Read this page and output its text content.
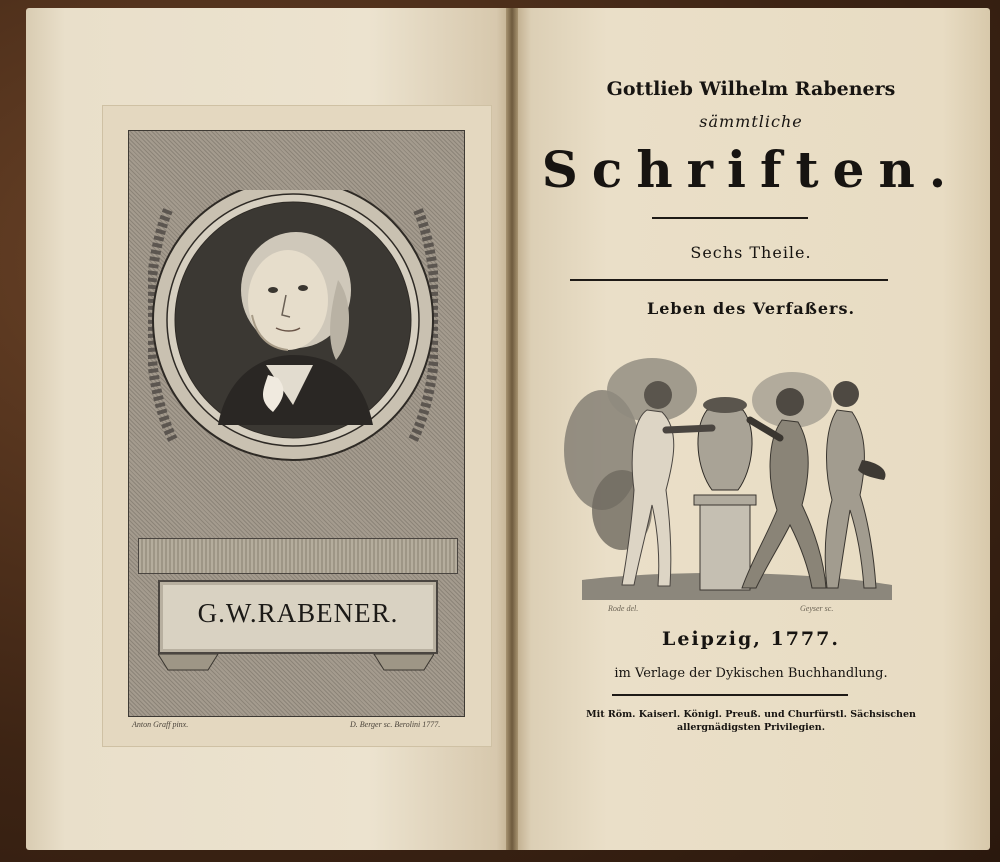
G.W.RABENER.
Anton Graff pinx.	D. Berger sc. Berolini 1777.
Gottlieb Wilhelm Rabeners
sämmtliche
Schriften.
Sechs Theile.
Leben des Verfaßers.
Rode del.	Geyser sc.
Leipzig, 1777.
im Verlage der Dykischen Buchhandlung.
Mit Röm. Kaiserl. Königl. Preuß. und Churfürstl. Sächsischen
allergnädigsten Privilegien.
